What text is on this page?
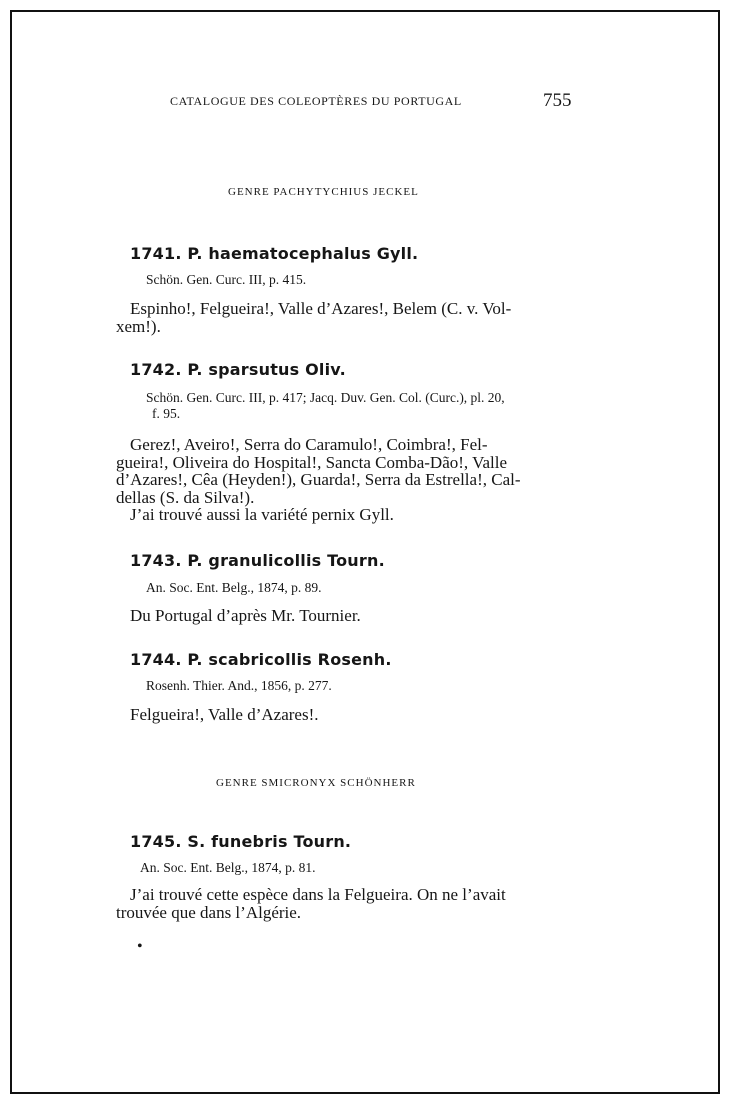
CATALOGUE DES COLEOPTÈRES DU PORTUGAL	755
GENRE PACHYTYCHIUS JECKEL
1741. P. haematocephalus Gyll.
Schön. Gen. Curc. III, p. 415.
Espinho!, Felgueira!, Valle d’Azares!, Belem (C. v. Vol-
xem!).
1742. P. sparsutus Oliv.
Schön. Gen. Curc. III, p. 417; Jacq. Duv. Gen. Col. (Curc.), pl. 20,
f. 95.
Gerez!, Aveiro!, Serra do Caramulo!, Coimbra!, Fel-
gueira!, Oliveira do Hospital!, Sancta Comba-Dão!, Valle
d’Azares!, Cêa (Heyden!), Guarda!, Serra da Estrella!, Cal-
dellas (S. da Silva!).
J’ai trouvé aussi la variété pernix Gyll.
1743. P. granulicollis Tourn.
An. Soc. Ent. Belg., 1874, p. 89.
Du Portugal d’après Mr. Tournier.
1744. P. scabricollis Rosenh.
Rosenh. Thier. And., 1856, p. 277.
Felgueira!, Valle d’Azares!.
GENRE SMICRONYX SCHÖNHERR
1745. S. funebris Tourn.
An. Soc. Ent. Belg., 1874, p. 81.
J’ai trouvé cette espèce dans la Felgueira. On ne l’avait
trouvée que dans l’Algérie.
•
